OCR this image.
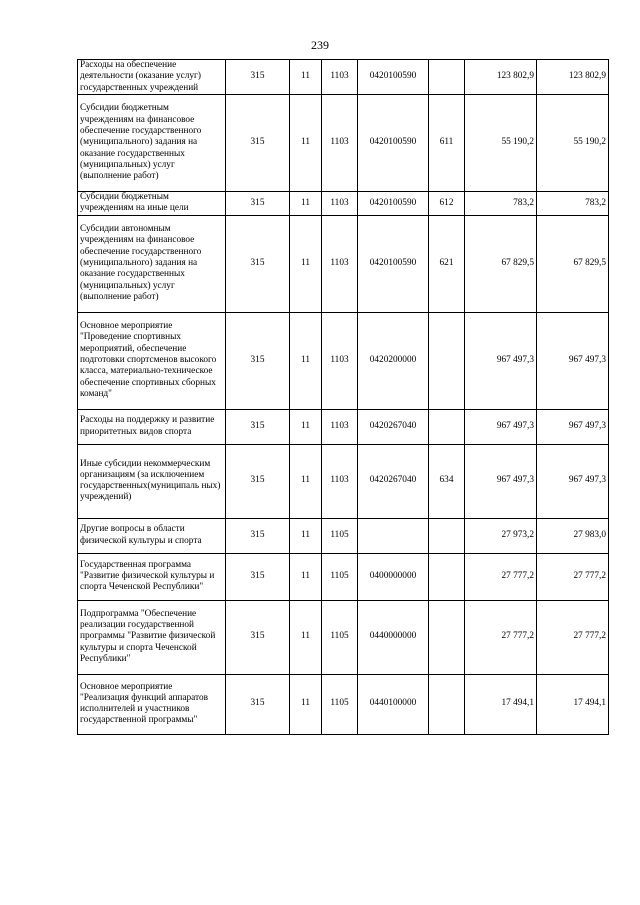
239
Расходы на обеспечение деятельности (оказание услуг) государственных учреждений	315	11	1103	0420100590		123 802,9	123 802,9
Субсидии бюджетным учреждениям на финансовое обеспечение государственного (муниципального) задания на оказание государственных (муниципальных) услуг (выполнение работ)	315	11	1103	0420100590	611	55 190,2	55 190,2
Субсидии бюджетным учреждениям на иные цели	315	11	1103	0420100590	612	783,2	783,2
Субсидии автономным учреждениям на финансовое обеспечение государственного (муниципального) задания на оказание государственных (муниципальных) услуг (выполнение работ)	315	11	1103	0420100590	621	67 829,5	67 829,5
Основное мероприятие "Проведение спортивных мероприятий, обеспечение подготовки спортсменов высокого класса, материально-техническое обеспечение спортивных сборных команд"	315	11	1103	0420200000		967 497,3	967 497,3
Расходы на поддержку и развитие приоритетных видов спорта	315	11	1103	0420267040		967 497,3	967 497,3
Иные субсидии некоммерческим организациям (за исключением государственных(муниципаль ных) учреждений)	315	11	1103	0420267040	634	967 497,3	967 497,3
Другие вопросы в области физической культуры и спорта	315	11	1105			27 973,2	27 983,0
Государственная программа "Развитие физической культуры и спорта Чеченской Республики"	315	11	1105	0400000000		27 777,2	27 777,2
Подпрограмма "Обеспечение реализации государственной программы "Развитие физической культуры и спорта Чеченской Республики"	315	11	1105	0440000000		27 777,2	27 777,2
Основное мероприятие "Реализация функций аппаратов исполнителей и участников государственной программы"	315	11	1105	0440100000		17 494,1	17 494,1
